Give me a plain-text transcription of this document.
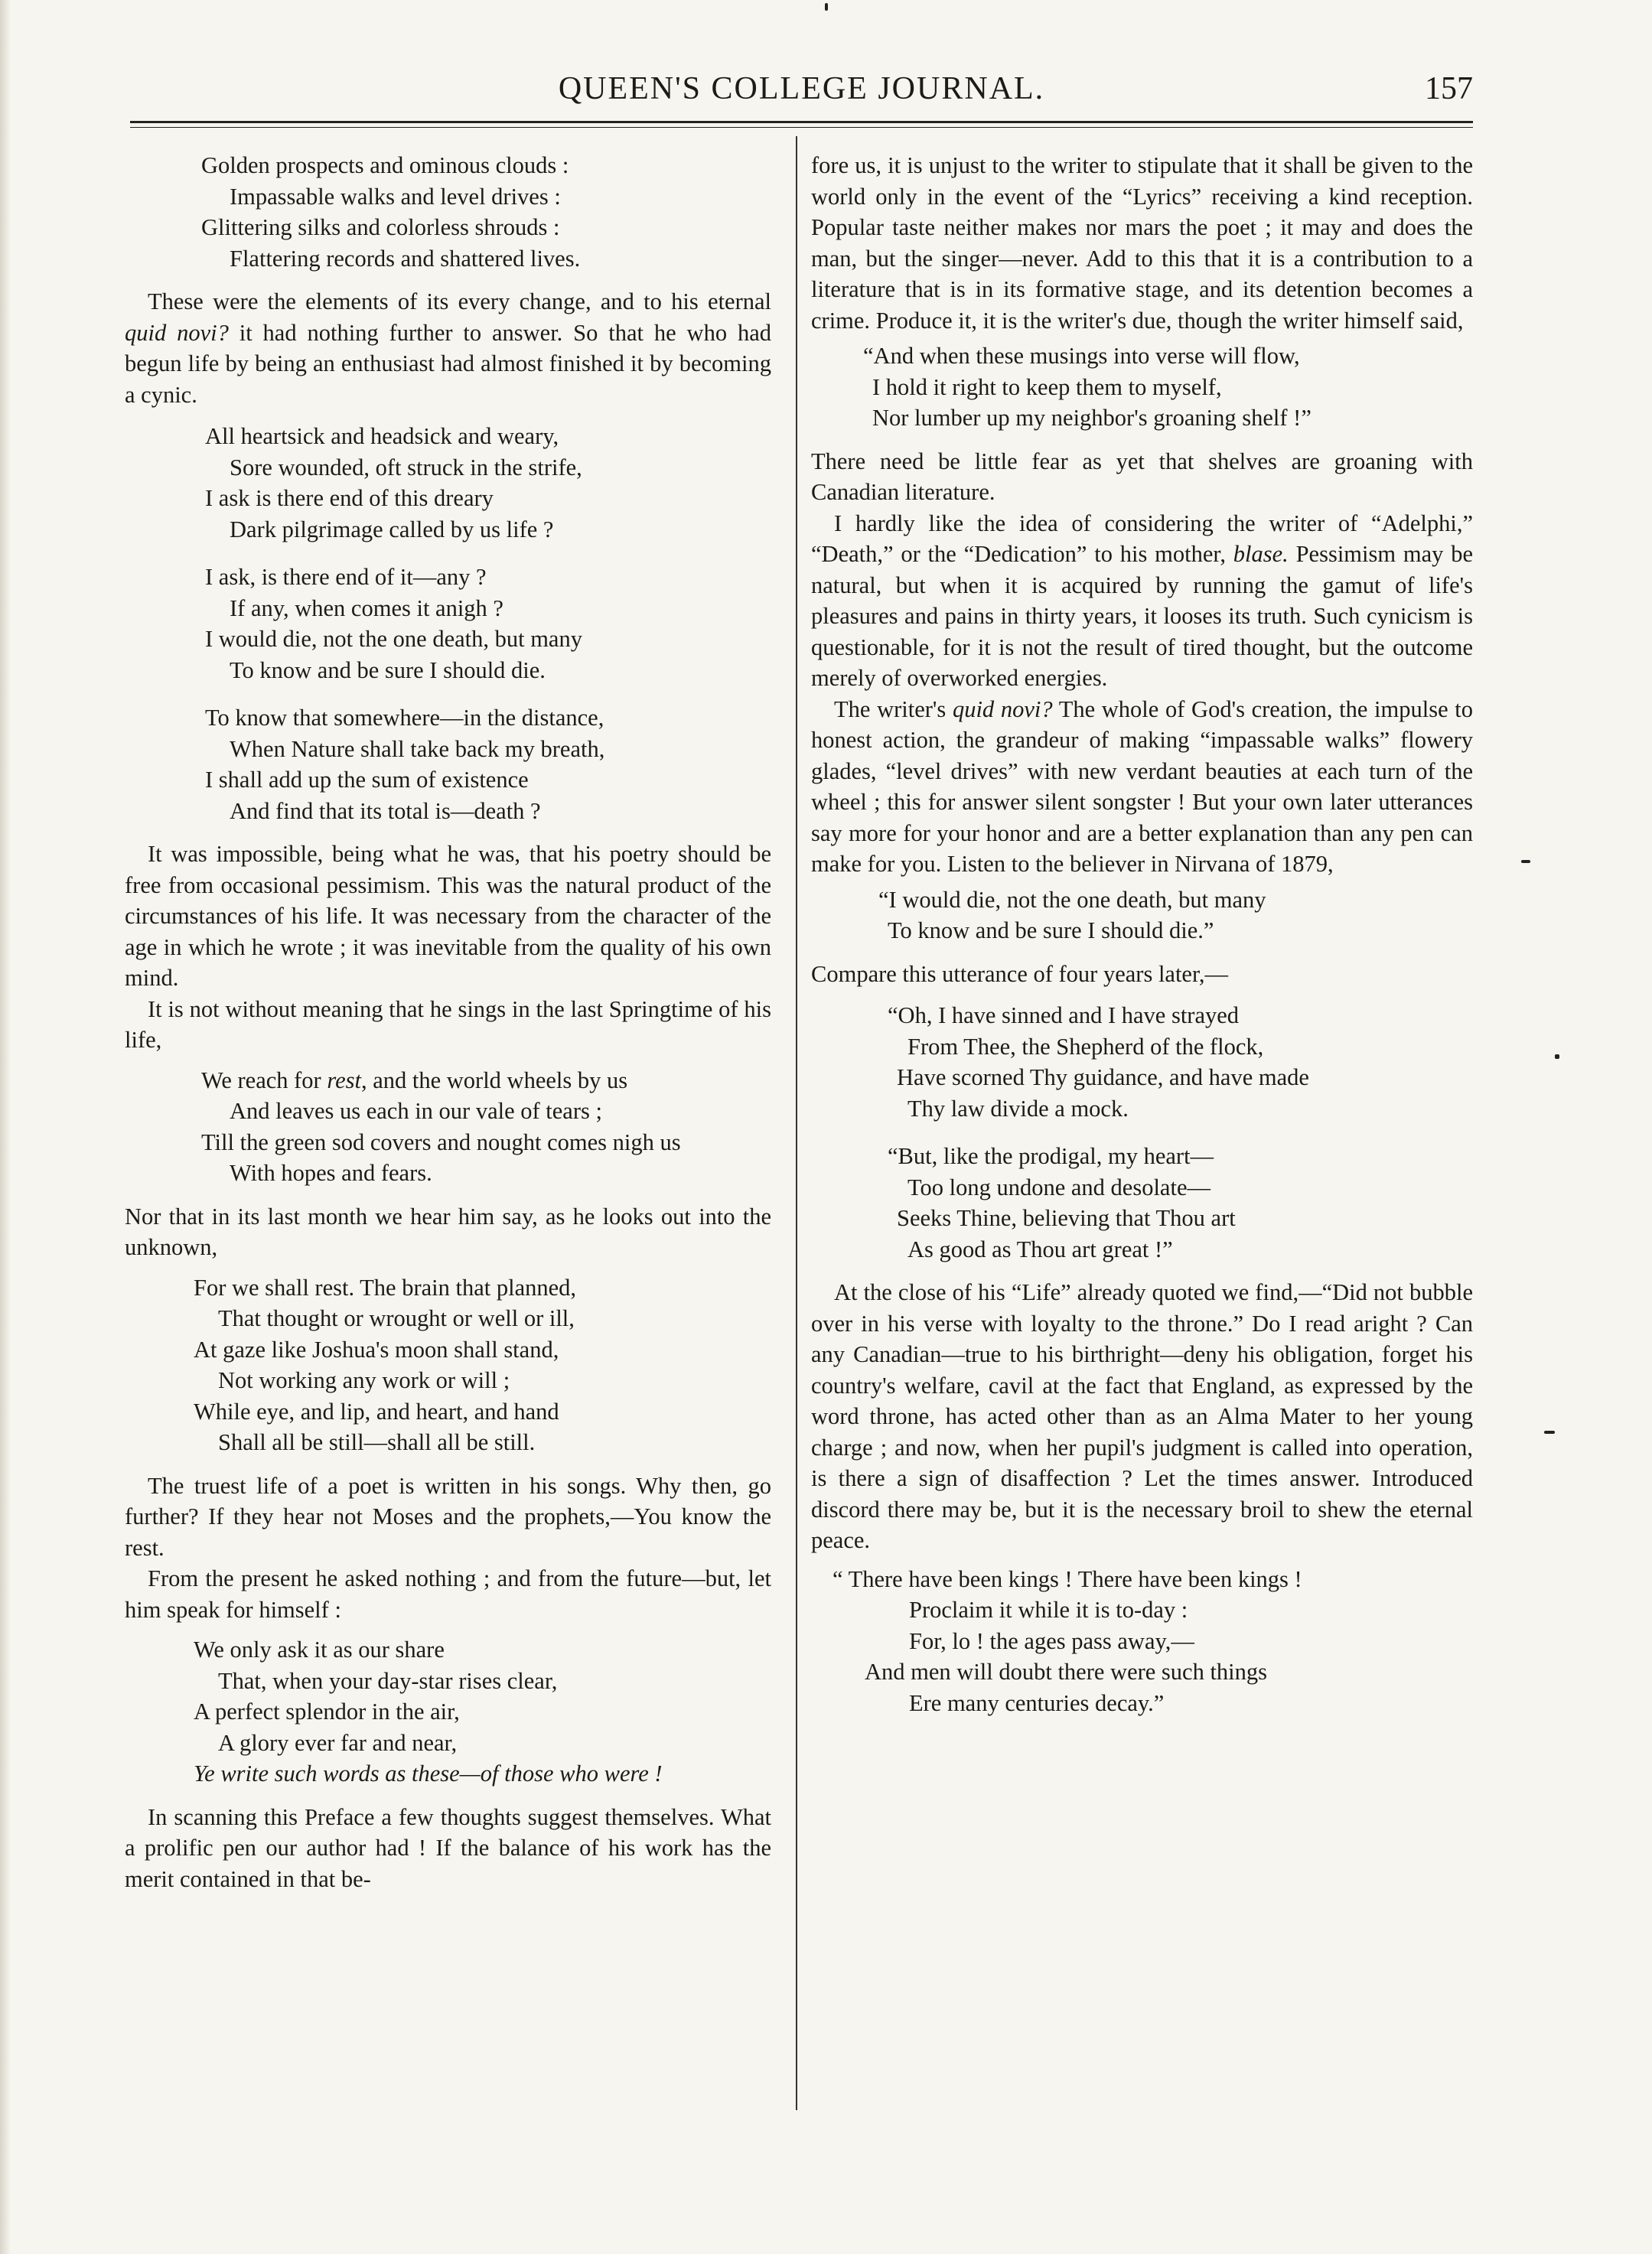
QUEEN'S COLLEGE JOURNAL.	157

Golden prospects and ominous clouds :

Impassable walks and level drives :

Glittering silks and colorless shrouds :

Flattering records and shattered lives.

These were the elements of its every change, and to his eternal quid novi? it had nothing further to answer. So that he who had begun life by being an enthusiast had almost finished it by becoming a cynic.

All heartsick and headsick and weary,

Sore wounded, oft struck in the strife,

I ask is there end of this dreary

Dark pilgrimage called by us life ?

I ask, is there end of it—any ?

If any, when comes it anigh ?

I would die, not the one death, but many

To know and be sure I should die.

To know that somewhere—in the distance,

When Nature shall take back my breath,

I shall add up the sum of existence

And find that its total is—death ?

It was impossible, being what he was, that his poetry should be free from occasional pessimism. This was the natural product of the circumstances of his life. It was necessary from the character of the age in which he wrote ; it was inevitable from the quality of his own mind.

It is not without meaning that he sings in the last Springtime of his life,

We reach for rest, and the world wheels by us

And leaves us each in our vale of tears ;

Till the green sod covers and nought comes nigh us

With hopes and fears.

Nor that in its last month we hear him say, as he looks out into the unknown,

For we shall rest. The brain that planned,

That thought or wrought or well or ill,

At gaze like Joshua's moon shall stand,

Not working any work or will ;

While eye, and lip, and heart, and hand

Shall all be still—shall all be still.

The truest life of a poet is written in his songs. Why then, go further? If they hear not Moses and the prophets,—You know the rest.

From the present he asked nothing ; and from the future—but, let him speak for himself :

We only ask it as our share

That, when your day-star rises clear,

A perfect splendor in the air,

A glory ever far and near,

Ye write such words as these—of those who were !

In scanning this Preface a few thoughts suggest themselves. What a prolific pen our author had ! If the balance of his work has the merit contained in that be-

fore us, it is unjust to the writer to stipulate that it shall be given to the world only in the event of the “Lyrics” receiving a kind reception. Popular taste neither makes nor mars the poet ; it may and does the man, but the singer—never. Add to this that it is a contribution to a literature that is in its formative stage, and its detention becomes a crime. Produce it, it is the writer's due, though the writer himself said,

“And when these musings into verse will flow,

I hold it right to keep them to myself,

Nor lumber up my neighbor's groaning shelf !”

There need be little fear as yet that shelves are groaning with Canadian literature.

I hardly like the idea of considering the writer of “Adelphi,” “Death,” or the “Dedication” to his mother, blase. Pessimism may be natural, but when it is acquired by running the gamut of life's pleasures and pains in thirty years, it looses its truth. Such cynicism is questionable, for it is not the result of tired thought, but the outcome merely of overworked energies.

The writer's quid novi? The whole of God's creation, the impulse to honest action, the grandeur of making “impassable walks” flowery glades, “level drives” with new verdant beauties at each turn of the wheel ; this for answer silent songster ! But your own later utterances say more for your honor and are a better explanation than any pen can make for you. Listen to the believer in Nirvana of 1879,

“I would die, not the one death, but many

To know and be sure I should die.”

Compare this utterance of four years later,—

“Oh, I have sinned and I have strayed

From Thee, the Shepherd of the flock,

Have scorned Thy guidance, and have made

Thy law divide a mock.

“But, like the prodigal, my heart—

Too long undone and desolate—

Seeks Thine, believing that Thou art

As good as Thou art great !”

At the close of his “Life” already quoted we find,—“Did not bubble over in his verse with loyalty to the throne.” Do I read aright ? Can any Canadian—true to his birthright—deny his obligation, forget his country's welfare, cavil at the fact that England, as expressed by the word throne, has acted other than as an Alma Mater to her young charge ; and now, when her pupil's judgment is called into operation, is there a sign of disaffection ? Let the times answer. Introduced discord there may be, but it is the necessary broil to shew the eternal peace.

“ There have been kings ! There have been kings !

Proclaim it while it is to-day :

For, lo ! the ages pass away,—

And men will doubt there were such things

Ere many centuries decay.”
